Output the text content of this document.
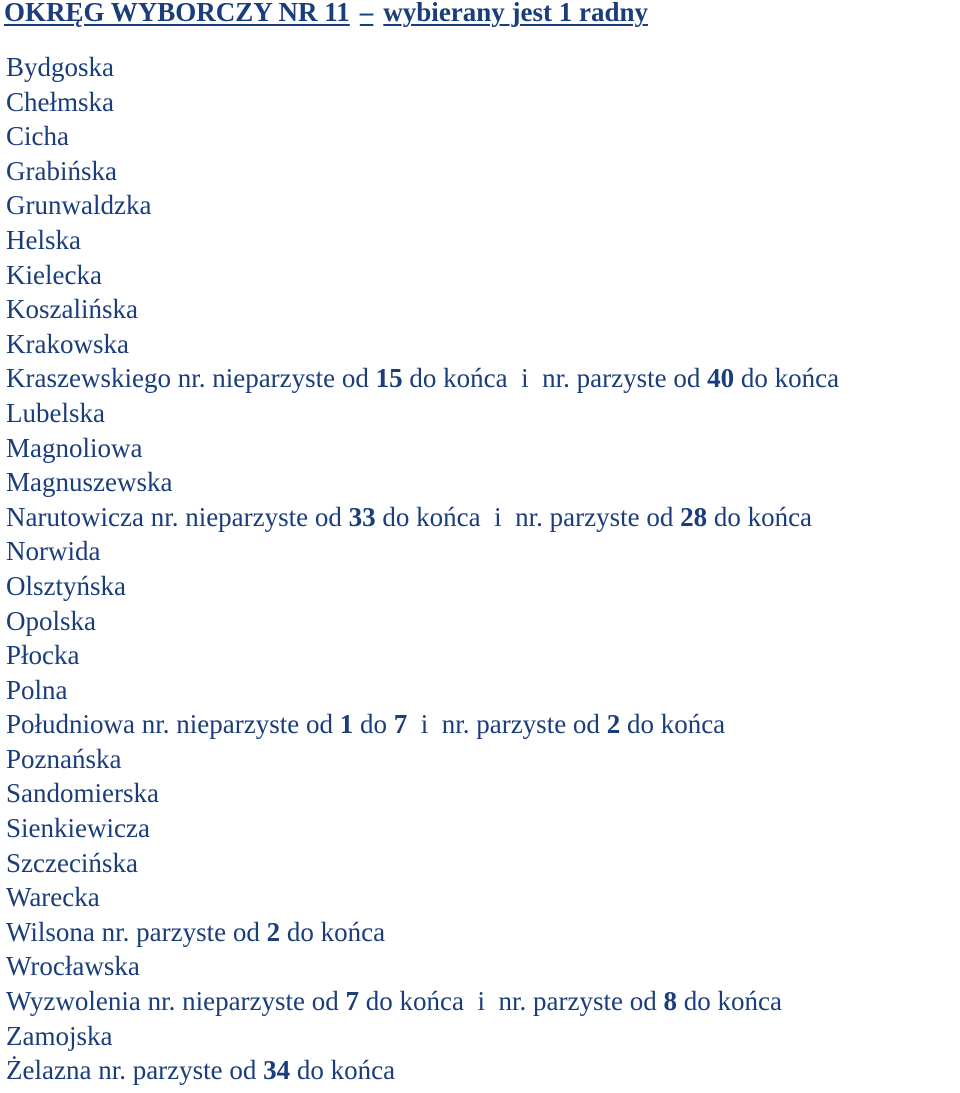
OKRĘG WYBORCZY NR 11 – wybierany jest 1 radny
Bydgoska
Chełmska
Cicha
Grabińska
Grunwaldzka
Helska
Kielecka
Koszalińska
Krakowska
Kraszewskiego nr. nieparzyste od 15 do końca  i  nr. parzyste od 40 do końca
Lubelska
Magnoliowa
Magnuszewska
Narutowicza nr. nieparzyste od 33 do końca  i  nr. parzyste od 28 do końca
Norwida
Olsztyńska
Opolska
Płocka
Polna
Południowa nr. nieparzyste od 1 do 7  i  nr. parzyste od 2 do końca
Poznańska
Sandomierska
Sienkiewicza
Szczecińska
Warecka
Wilsona nr. parzyste od 2 do końca
Wrocławska
Wyzwolenia nr. nieparzyste od 7 do końca  i  nr. parzyste od 8 do końca
Zamojska
Żelazna nr. parzyste od 34 do końca
